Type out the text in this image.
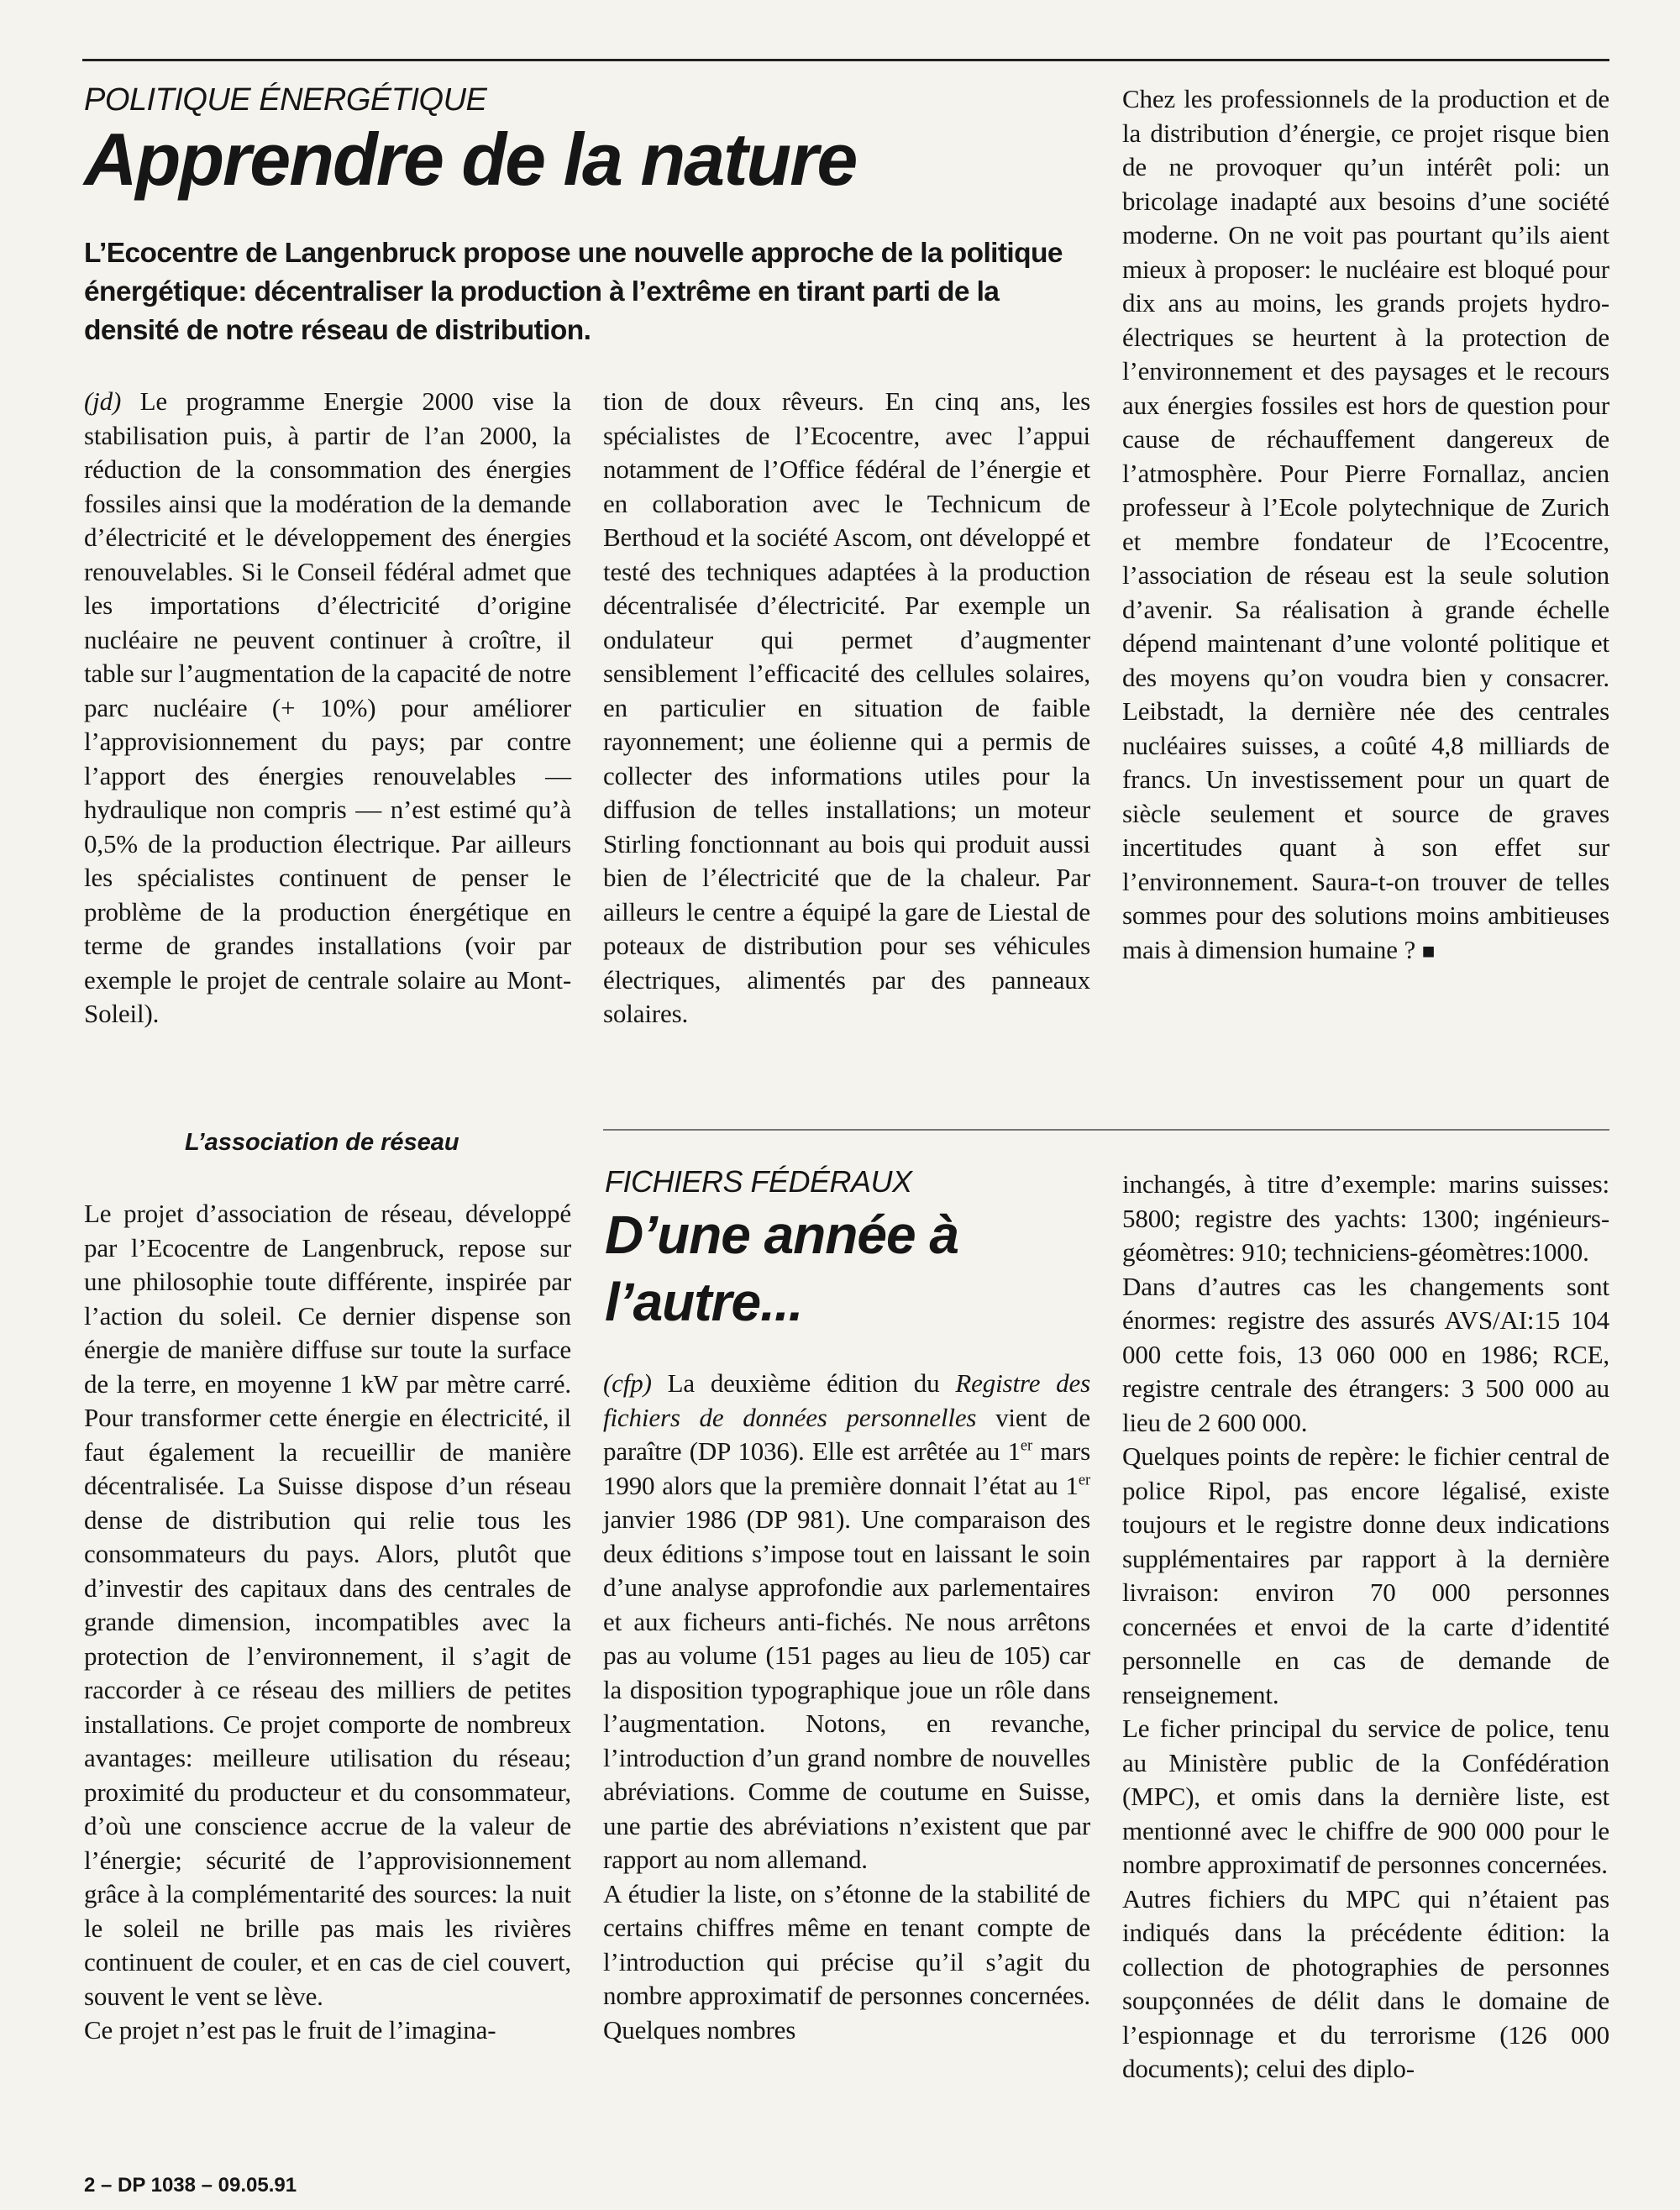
POLITIQUE ÉNERGÉTIQUE
Apprendre de la nature
L’Ecocentre de Langenbruck propose une nouvelle approche de la politique énergétique: décentraliser la production à l’extrême en tirant parti de la densité de notre réseau de distribution.

(jd) Le programme Energie 2000 vise la stabilisation puis, à partir de l’an 2000, la réduction de la consommation des énergies fossiles ainsi que la modération de la demande d’électricité et le développement des énergies renouvelables. Si le Conseil fédéral admet que les importations d’électricité d’origine nucléaire ne peuvent continuer à croître, il table sur l’augmentation de la capacité de notre parc nucléaire (+ 10%) pour améliorer l’approvisionnement du pays; par contre l’apport des énergies renouvelables — hydraulique non compris — n’est estimé qu’à 0,5% de la production électrique. Par ailleurs les spécialistes continuent de penser le problème de la production énergétique en terme de grandes installations (voir par exemple le projet de centrale solaire au Mont-Soleil).

L’association de réseau

Le projet d’association de réseau, développé par l’Ecocentre de Langenbruck, repose sur une philosophie toute différente, inspirée par l’action du soleil. Ce dernier dispense son énergie de manière diffuse sur toute la surface de la terre, en moyenne 1 kW par mètre carré. Pour transformer cette énergie en électricité, il faut également la recueillir de manière décentralisée. La Suisse dispose d’un réseau dense de distribution qui relie tous les consommateurs du pays. Alors, plutôt que d’investir des capitaux dans des centrales de grande dimension, incompatibles avec la protection de l’environnement, il s’agit de raccorder à ce réseau des milliers de petites installations. Ce projet comporte de nombreux avantages: meilleure utilisation du réseau; proximité du producteur et du consommateur, d’où une conscience accrue de la valeur de l’énergie; sécurité de l’approvisionnement grâce à la complémentarité des sources: la nuit le soleil ne brille pas mais les rivières continuent de couler, et en cas de ciel couvert, souvent le vent se lève.

Ce projet n’est pas le fruit de l’imagina-

tion de doux rêveurs. En cinq ans, les spécialistes de l’Ecocentre, avec l’appui notamment de l’Office fédéral de l’énergie et en collaboration avec le Technicum de Berthoud et la société Ascom, ont développé et testé des techniques adaptées à la production décentralisée d’électricité. Par exemple un ondulateur qui permet d’augmenter sensiblement l’efficacité des cellules solaires, en particulier en situation de faible rayonnement; une éolienne qui a permis de collecter des informations utiles pour la diffusion de telles installations; un moteur Stirling fonctionnant au bois qui produit aussi bien de l’électricité que de la chaleur. Par ailleurs le centre a équipé la gare de Liestal de poteaux de distribution pour ses véhicules électriques, alimentés par des panneaux solaires.

Chez les professionnels de la production et de la distribution d’énergie, ce projet risque bien de ne provoquer qu’un intérêt poli: un bricolage inadapté aux besoins d’une société moderne. On ne voit pas pourtant qu’ils aient mieux à proposer: le nucléaire est bloqué pour dix ans au moins, les grands projets hydro-électriques se heurtent à la protection de l’environnement et des paysages et le recours aux énergies fossiles est hors de question pour cause de réchauffement dangereux de l’atmosphère. Pour Pierre Fornallaz, ancien professeur à l’Ecole polytechnique de Zurich et membre fondateur de l’Ecocentre, l’association de réseau est la seule solution d’avenir. Sa réalisation à grande échelle dépend maintenant d’une volonté politique et des moyens qu’on voudra bien y consacrer. Leibstadt, la dernière née des centrales nucléaires suisses, a coûté 4,8 milliards de francs. Un investissement pour un quart de siècle seulement et source de graves incertitudes quant à son effet sur l’environnement. Saura-t-on trouver de telles sommes pour des solutions moins ambitieuses mais à dimension humaine ? ■

FICHIERS FÉDÉRAUX
D’une année à
l’autre...

(cfp) La deuxième édition du Registre des fichiers de données personnelles vient de paraître (DP 1036). Elle est arrêtée au 1er mars 1990 alors que la première donnait l’état au 1er janvier 1986 (DP 981). Une comparaison des deux éditions s’impose tout en laissant le soin d’une analyse approfondie aux parlementaires et aux ficheurs anti-fichés. Ne nous arrêtons pas au volume (151 pages au lieu de 105) car la disposition typographique joue un rôle dans l’augmentation. Notons, en revanche, l’introduction d’un grand nombre de nouvelles abréviations. Comme de coutume en Suisse, une partie des abréviations n’existent que par rapport au nom allemand.

A étudier la liste, on s’étonne de la stabilité de certains chiffres même en tenant compte de l’introduction qui précise qu’il s’agit du nombre approximatif de personnes concernées. Quelques nombres

inchangés, à titre d’exemple: marins suisses: 5800; registre des yachts: 1300; ingénieurs-géomètres: 910; techniciens-géomètres:1000.

Dans d’autres cas les changements sont énormes: registre des assurés AVS/AI:15 104 000 cette fois, 13 060 000 en 1986; RCE, registre centrale des étrangers: 3 500 000 au lieu de 2 600 000.

Quelques points de repère: le fichier central de police Ripol, pas encore légalisé, existe toujours et le registre donne deux indications supplémentaires par rapport à la dernière livraison: environ 70 000 personnes concernées et envoi de la carte d’identité personnelle en cas de demande de renseignement.

Le ficher principal du service de police, tenu au Ministère public de la Confédération (MPC), et omis dans la dernière liste, est mentionné avec le chiffre de 900 000 pour le nombre approximatif de personnes concernées.

Autres fichiers du MPC qui n’étaient pas indiqués dans la précédente édition: la collection de photographies de personnes soupçonnées de délit dans le domaine de l’espionnage et du terrorisme (126 000 documents); celui des diplo-

2 – DP 1038 – 09.05.91
